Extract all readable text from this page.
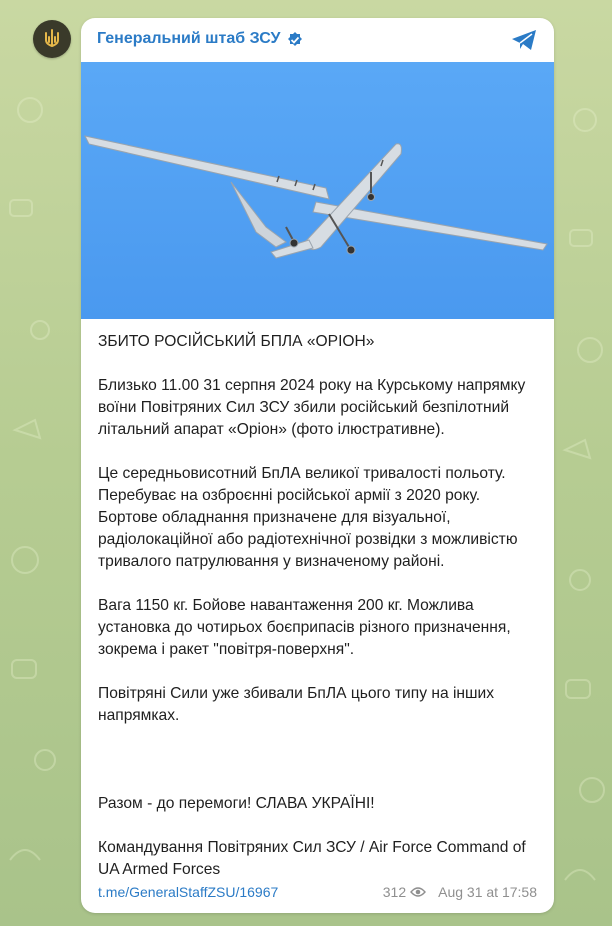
Генеральний штаб ЗСУ

ЗБИТО РОСІЙСЬКИЙ БПЛА «ОРІОН»

Близько 11.00 31 серпня 2024 року на Курському напрямку воїни Повітряних Сил ЗСУ збили російський безпілотний літальний апарат «Оріон» (фото ілюстративне).

Це середньовисотний БпЛА великої тривалості польоту. Перебуває на озброєнні російської армії з 2020 року. Бортове обладнання призначене для візуальної, радіолокаційної або радіотехнічної розвідки з можливістю тривалого патрулювання у визначеному районі.

Вага 1150 кг. Бойове навантаження 200 кг. Можлива установка до чотирьох боєприпасів різного призначення, зокрема і ракет "повітря-поверхня".

Повітряні Сили уже збивали БпЛА цього типу на інших напрямках.

Разом - до перемоги! СЛАВА УКРАЇНІ!

Командування Повітряних Сил ЗСУ / Air Force Command of UA Armed Forces

t.me/GeneralStaffZSU/16967	312 Aug 31 at 17:58
